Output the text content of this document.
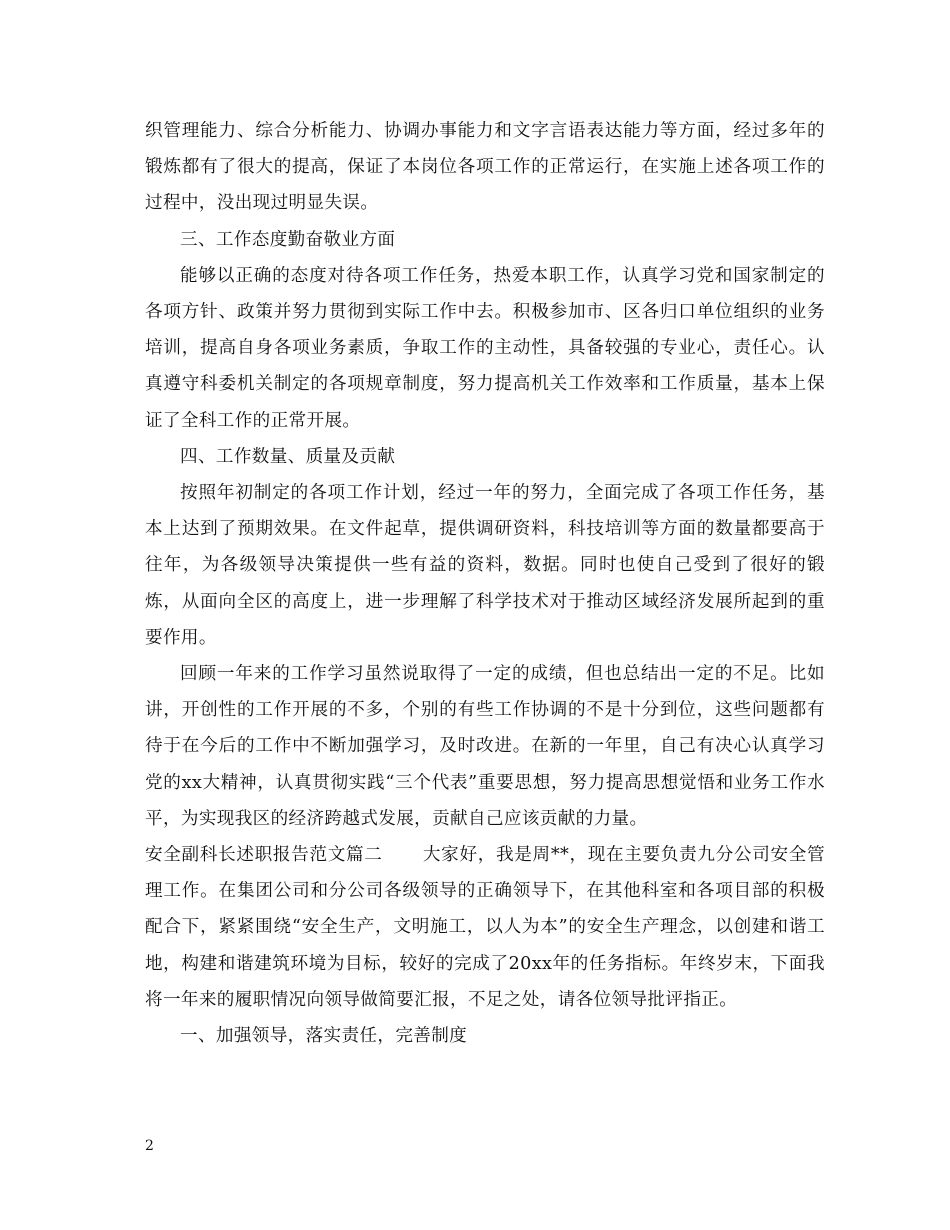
织管理能力、综合分析能力、协调办事能力和文字言语表达能力等方面，经过多年的锻炼都有了很大的提高，保证了本岗位各项工作的正常运行，在实施上述各项工作的过程中，没出现过明显失误。

三、工作态度勤奋敬业方面

能够以正确的态度对待各项工作任务，热爱本职工作，认真学习党和国家制定的各项方针、政策并努力贯彻到实际工作中去。积极参加市、区各归口单位组织的业务培训，提高自身各项业务素质，争取工作的主动性，具备较强的专业心，责任心。认真遵守科委机关制定的各项规章制度，努力提高机关工作效率和工作质量，基本上保证了全科工作的正常开展。

四、工作数量、质量及贡献

按照年初制定的各项工作计划，经过一年的努力，全面完成了各项工作任务，基本上达到了预期效果。在文件起草，提供调研资料，科技培训等方面的数量都要高于往年，为各级领导决策提供一些有益的资料，数据。同时也使自己受到了很好的锻炼，从面向全区的高度上，进一步理解了科学技术对于推动区域经济发展所起到的重要作用。

回顾一年来的工作学习虽然说取得了一定的成绩，但也总结出一定的不足。比如讲，开创性的工作开展的不多，个别的有些工作协调的不是十分到位，这些问题都有待于在今后的工作中不断加强学习，及时改进。在新的一年里，自己有决心认真学习党的xx大精神，认真贯彻实践“三个代表”重要思想，努力提高思想觉悟和业务工作水平，为实现我区的经济跨越式发展，贡献自己应该贡献的力量。

安全副科长述职报告范文篇二 大家好，我是周**，现在主要负责九分公司安全管理工作。在集团公司和分公司各级领导的正确领导下，在其他科室和各项目部的积极配合下，紧紧围绕“安全生产，文明施工，以人为本”的安全生产理念，以创建和谐工地，构建和谐建筑环境为目标，较好的完成了20xx年的任务指标。年终岁末，下面我将一年来的履职情况向领导做简要汇报，不足之处，请各位领导批评指正。

一、加强领导，落实责任，完善制度

2
